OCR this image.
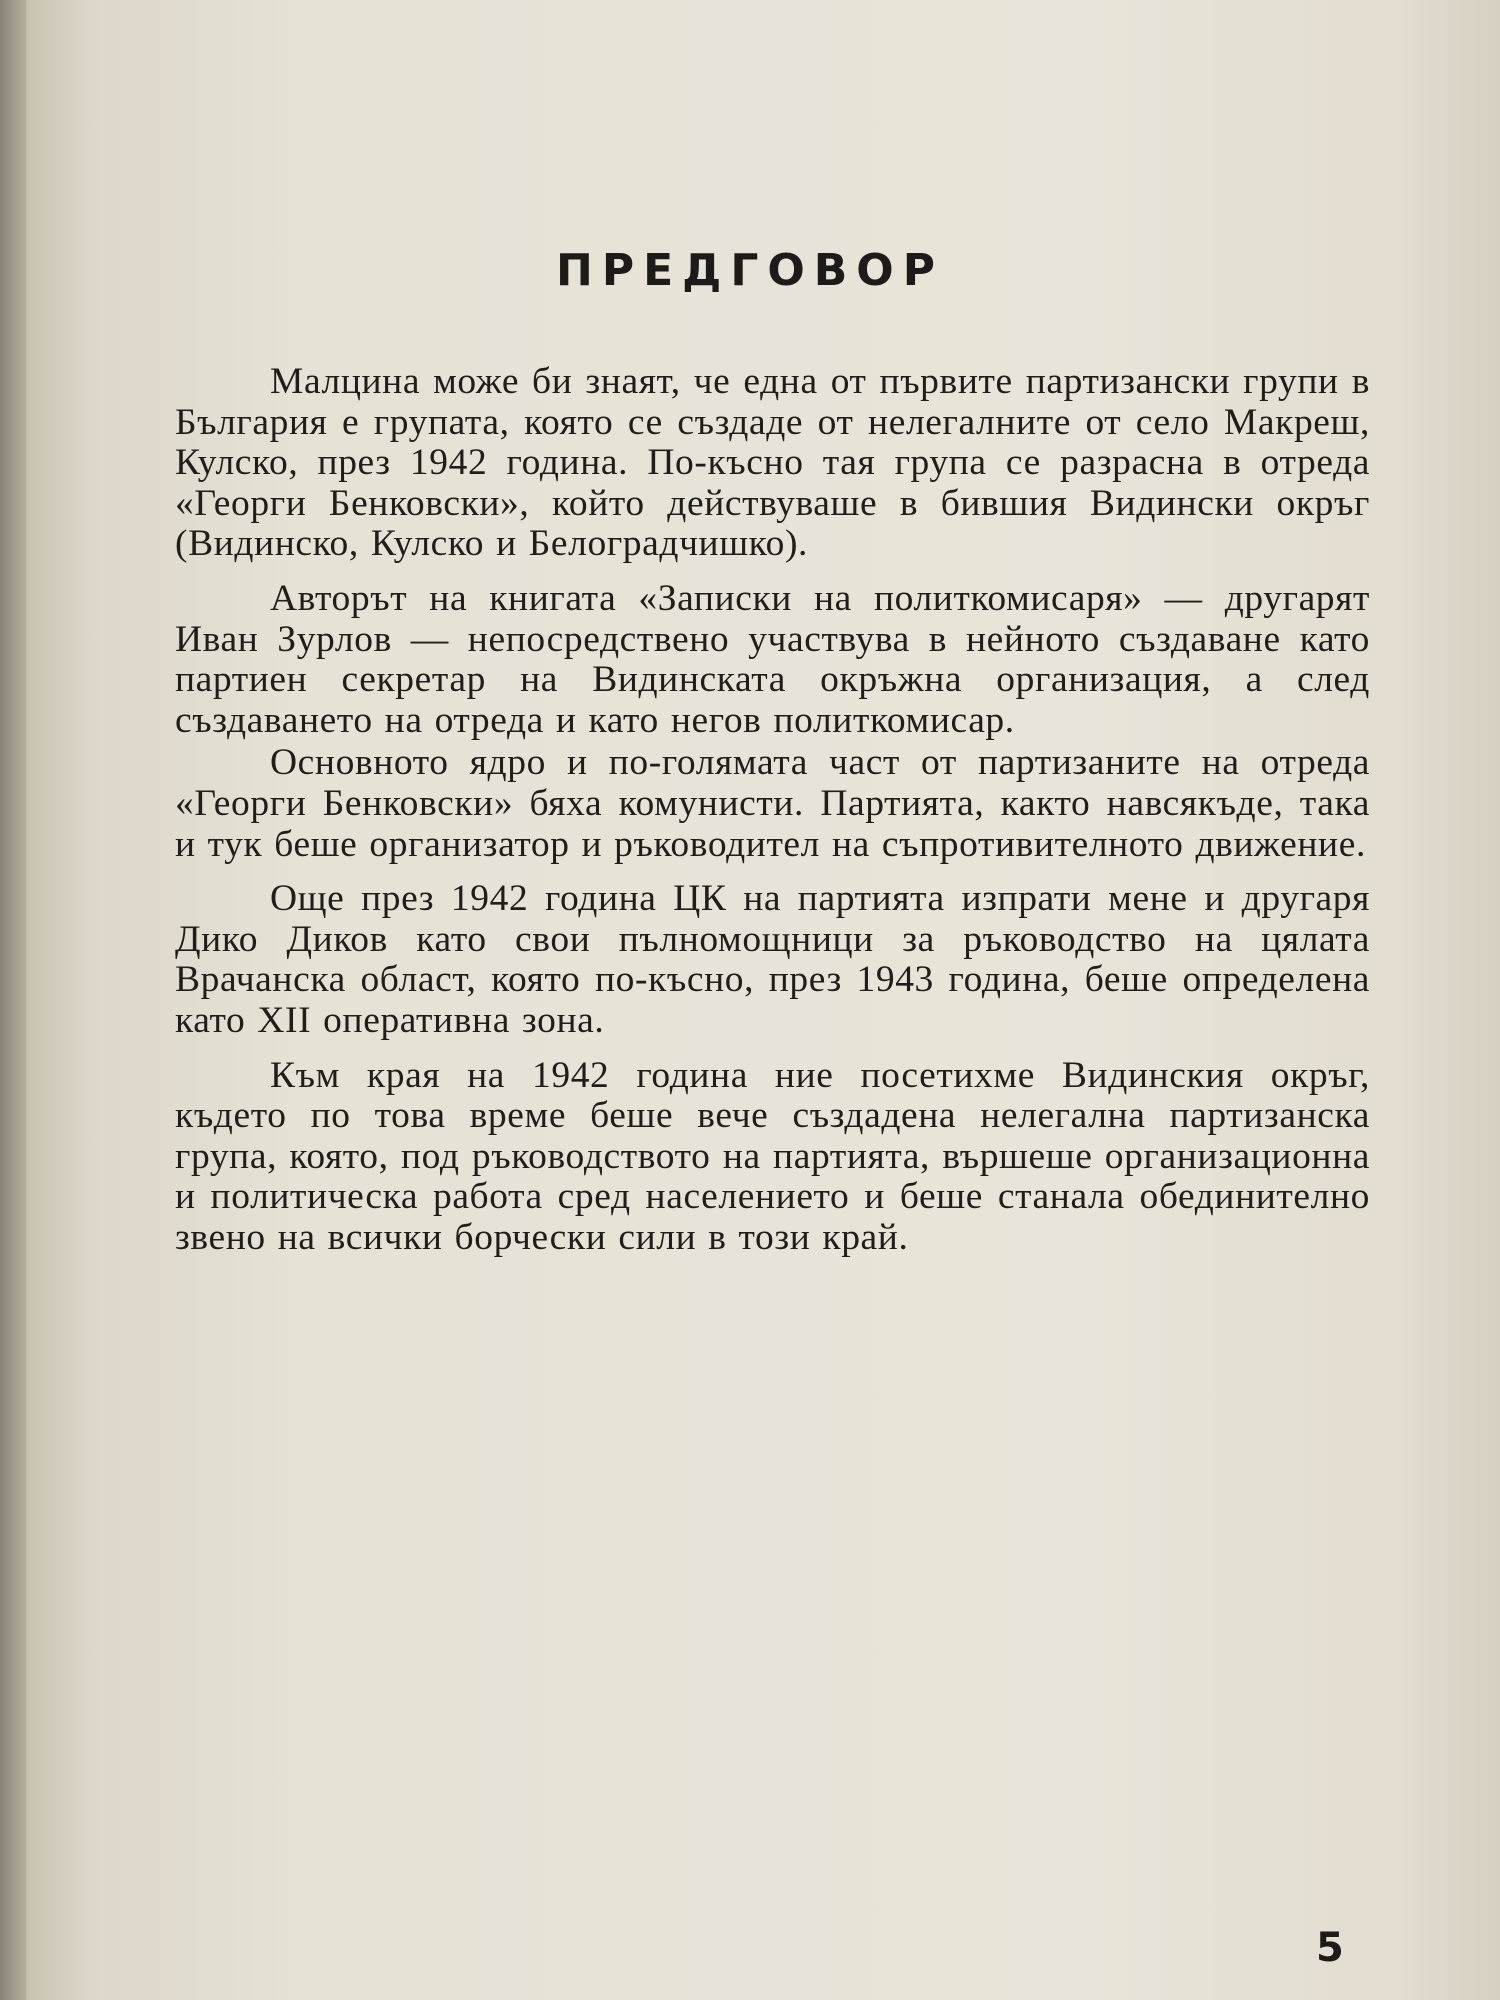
ПРЕДГОВОР

Малцина може би знаят, че една от първите партизански групи в България е групата, която се създаде от нелегалните от село Макреш, Кулско, през 1942 година. По-късно тая група се разрасна в отреда «Георги Бенковски», който действуваше в бившия Видински окръг (Видинско, Кулско и Белоградчишко).

Авторът на книгата «Записки на политкомисаря» — другарят Иван Зурлов — непосредствено участвува в нейното създаване като партиен секретар на Видинската окръжна организация, а след създаването на отреда и като негов политкомисар.

Основното ядро и по-голямата част от партизаните на отреда «Георги Бенковски» бяха комунисти. Партията, както навсякъде, така и тук беше организатор и ръководител на съпротивителното движение.

Още през 1942 година ЦК на партията изпрати мене и другаря Дико Диков като свои пълномощници за ръководство на цялата Врачанска област, която по-късно, през 1943 година, беше определена като XII оперативна зона.

Към края на 1942 година ние посетихме Видинския окръг, където по това време беше вече създадена нелегална партизанска група, която, под ръководството на партията, вършеше организационна и политическа работа сред населението и беше станала обединително звено на всички борчески сили в този край.

5
